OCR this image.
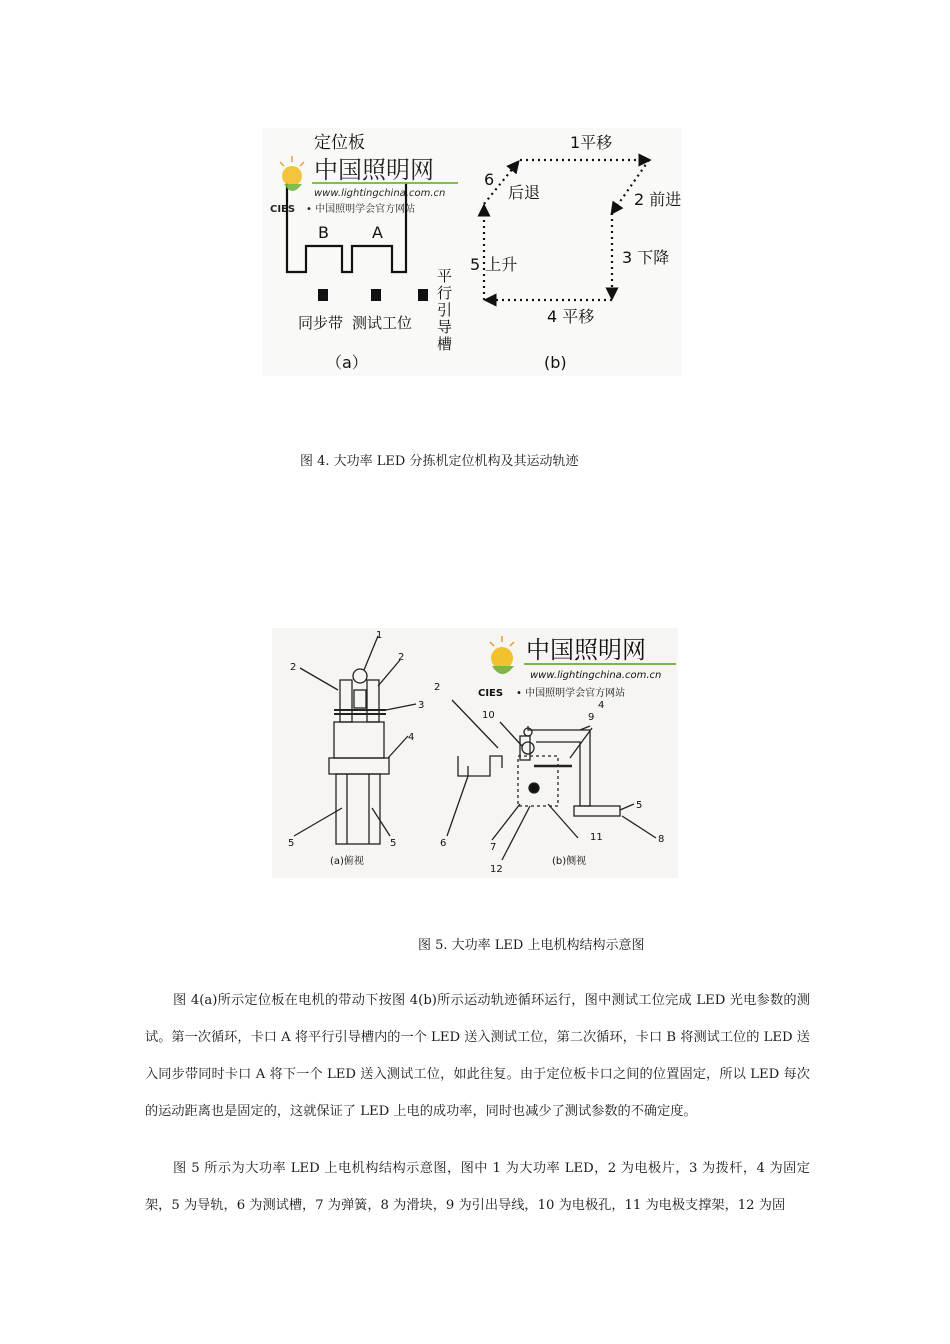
定位板
B	A
同步带 测试工位 平行引导槽
（a）
中国照明网
www.lightingchina.com.cn
CIES • 中国照明学会官方网站
1平移
2 前进
3 下降
4 平移
5 上升
6
后退
(b)
图 4. 大功率 LED 分拣机定位机构及其运动轨迹
中国照明网
www.lightingchina.com.cn
CIES • 中国照明学会官方网站
1
2
2
3
4
5	5
(a)俯视
2
10	9
4
5
6	7
11	8
12
(b)侧视
图 5. 大功率 LED 上电机构结构示意图

图 4(a)所示定位板在电机的带动下按图 4(b)所示运动轨迹循环运行，图中测试工位完成 LED 光电参数的测试。第一次循环，卡口 A 将平行引导槽内的一个 LED 送入测试工位，第二次循环，卡口 B 将测试工位的 LED 送入同步带同时卡口 A 将下一个 LED 送入测试工位，如此往复。由于定位板卡口之间的位置固定，所以 LED 每次的运动距离也是固定的，这就保证了 LED 上电的成功率，同时也减少了测试参数的不确定度。

图 5 所示为大功率 LED 上电机构结构示意图，图中 1 为大功率 LED，2 为电极片，3 为拨杆，4 为固定架，5 为导轨，6 为测试槽，7 为弹簧，8 为滑块，9 为引出导线，10 为电极孔，11 为电极支撑架，12 为固
